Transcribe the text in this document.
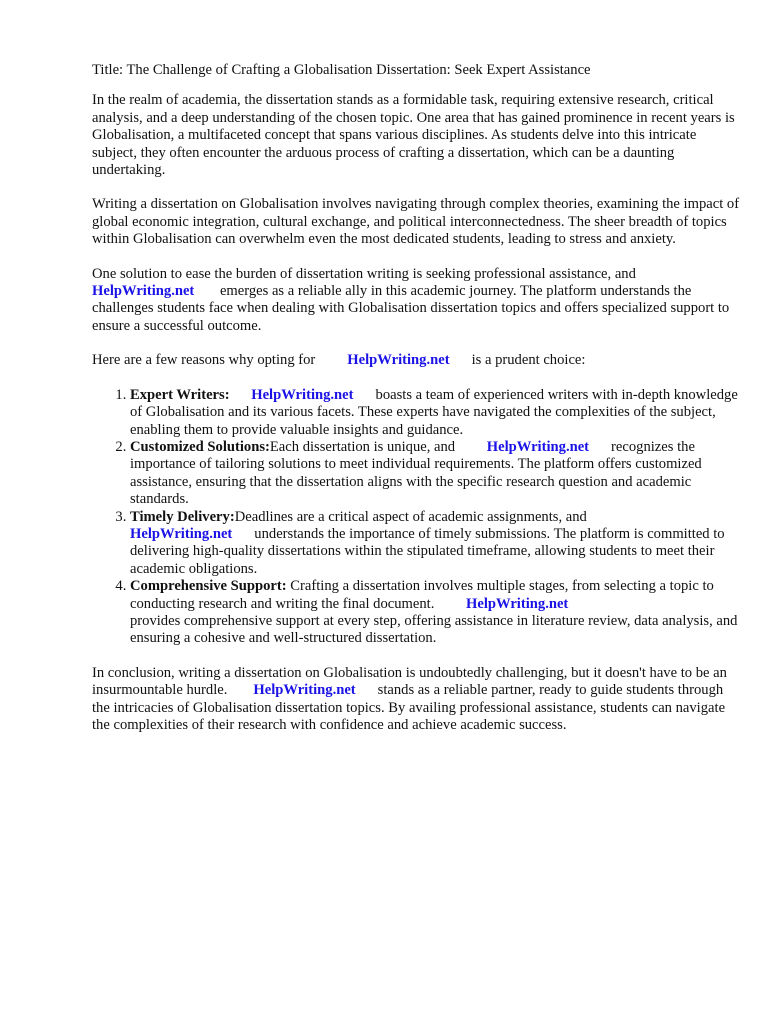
Title: The Challenge of Crafting a Globalisation Dissertation: Seek Expert Assistance

In the realm of academia, the dissertation stands as a formidable task, requiring extensive research, critical analysis, and a deep understanding of the chosen topic. One area that has gained prominence in recent years is Globalisation, a multifaceted concept that spans various disciplines. As students delve into this intricate subject, they often encounter the arduous process of crafting a dissertation, which can be a daunting undertaking.

Writing a dissertation on Globalisation involves navigating through complex theories, examining the impact of global economic integration, cultural exchange, and political interconnectedness. The sheer breadth of topics within Globalisation can overwhelm even the most dedicated students, leading to stress and anxiety.

One solution to ease the burden of dissertation writing is seeking professional assistance, and
HelpWriting.net emerges as a reliable ally in this academic journey. The platform understands the challenges students face when dealing with Globalisation dissertation topics and offers specialized support to ensure a successful outcome.

Here are a few reasons why opting for HelpWriting.net is a prudent choice:

1. Expert Writers: HelpWriting.net boasts a team of experienced writers with in-depth knowledge of Globalisation and its various facets. These experts have navigated the complexities of the subject, enabling them to provide valuable insights and guidance.
2. Customized Solutions:Each dissertation is unique, and HelpWriting.net recognizes the importance of tailoring solutions to meet individual requirements. The platform offers customized assistance, ensuring that the dissertation aligns with the specific research question and academic standards.
3. Timely Delivery:Deadlines are a critical aspect of academic assignments, and
HelpWriting.net understands the importance of timely submissions. The platform is committed to delivering high-quality dissertations within the stipulated timeframe, allowing students to meet their academic obligations.
4. Comprehensive Support: Crafting a dissertation involves multiple stages, from selecting a topic to conducting research and writing the final document. HelpWriting.net
provides comprehensive support at every step, offering assistance in literature review, data analysis, and ensuring a cohesive and well-structured dissertation.

In conclusion, writing a dissertation on Globalisation is undoubtedly challenging, but it doesn't have to be an insurmountable hurdle. HelpWriting.net stands as a reliable partner, ready to guide students through the intricacies of Globalisation dissertation topics. By availing professional assistance, students can navigate the complexities of their research with confidence and achieve academic success.
